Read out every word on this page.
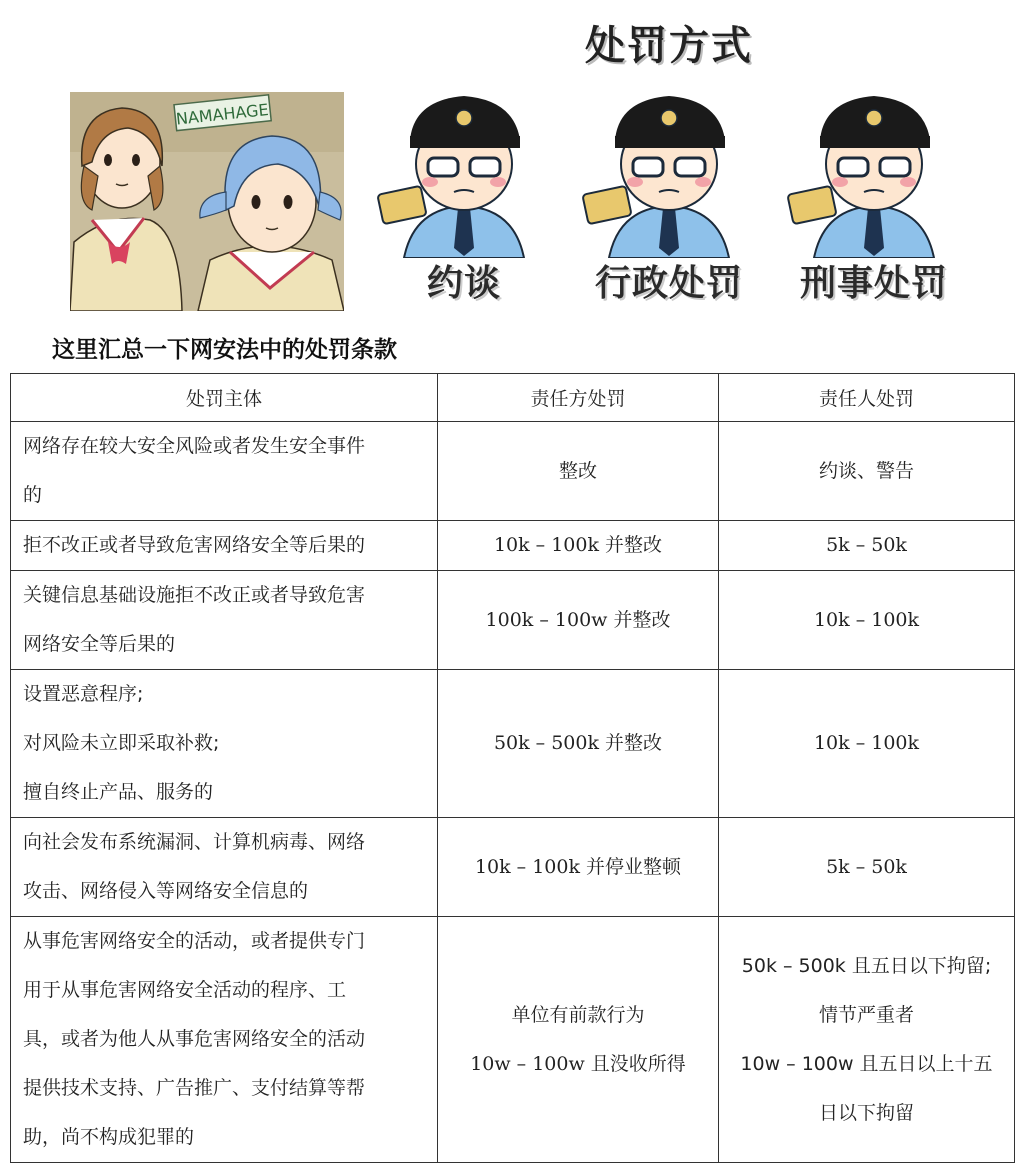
NAMAHAGE
处罚方式
约谈	行政处罚	刑事处罚
这里汇总一下网安法中的处罚条款
处罚主体	责任方处罚	责任人处罚

网络存在较大安全风险或者发生安全事件
的	整改	约谈、警告

拒不改正或者导致危害网络安全等后果的	10k – 100k 并整改	5k – 50k

关键信息基础设施拒不改正或者导致危害
网络安全等后果的	100k – 100w 并整改	10k – 100k

设置恶意程序;
对风险未立即采取补救;
擅自终止产品、服务的	50k – 500k 并整改	10k – 100k

向社会发布系统漏洞、计算机病毒、网络
攻击、网络侵入等网络安全信息的	10k – 100k 并停业整顿	5k – 50k

从事危害网络安全的活动，或者提供专门
用于从事危害网络安全活动的程序、工
具，或者为他人从事危害网络安全的活动
提供技术支持、广告推广、支付结算等帮
助，尚不构成犯罪的	单位有前款行为
10w – 100w 且没收所得	50k – 500k 且五日以下拘留;
情节严重者
10w – 100w 且五日以上十五
日以下拘留
